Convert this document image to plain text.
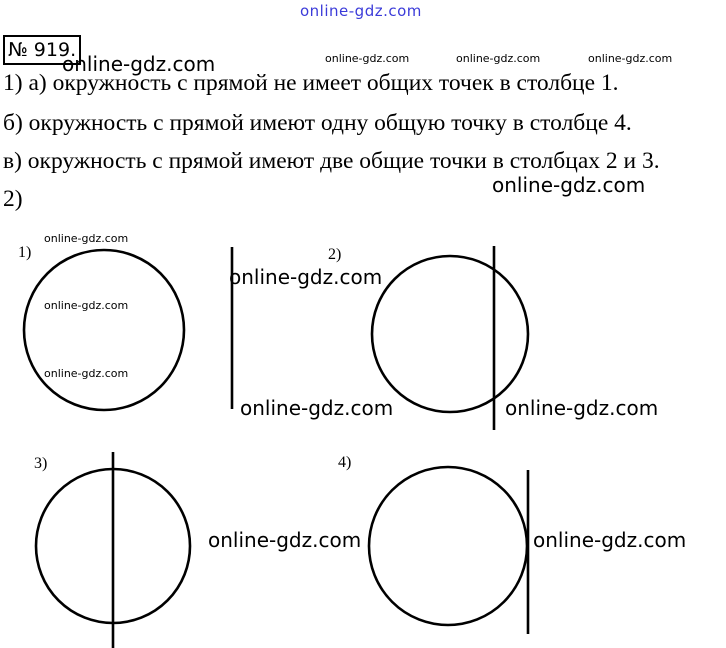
online-gdz.com
№ 919.
online-gdz.com
online-gdz.com
online-gdz.com
online-gdz.com	online-gdz.com
online-gdz.com	online-gdz.com
online-gdz.com	online-gdz.com	online-gdz.com
online-gdz.com
online-gdz.com
online-gdz.com
1) а) окружность с прямой не имеет общих точек в столбце 1.
б) окружность с прямой имеют одну общую точку в столбце 4.
в) окружность с прямой имеют две общие точки в столбцах 2 и 3.
2)
1)	2)
3)	4)
